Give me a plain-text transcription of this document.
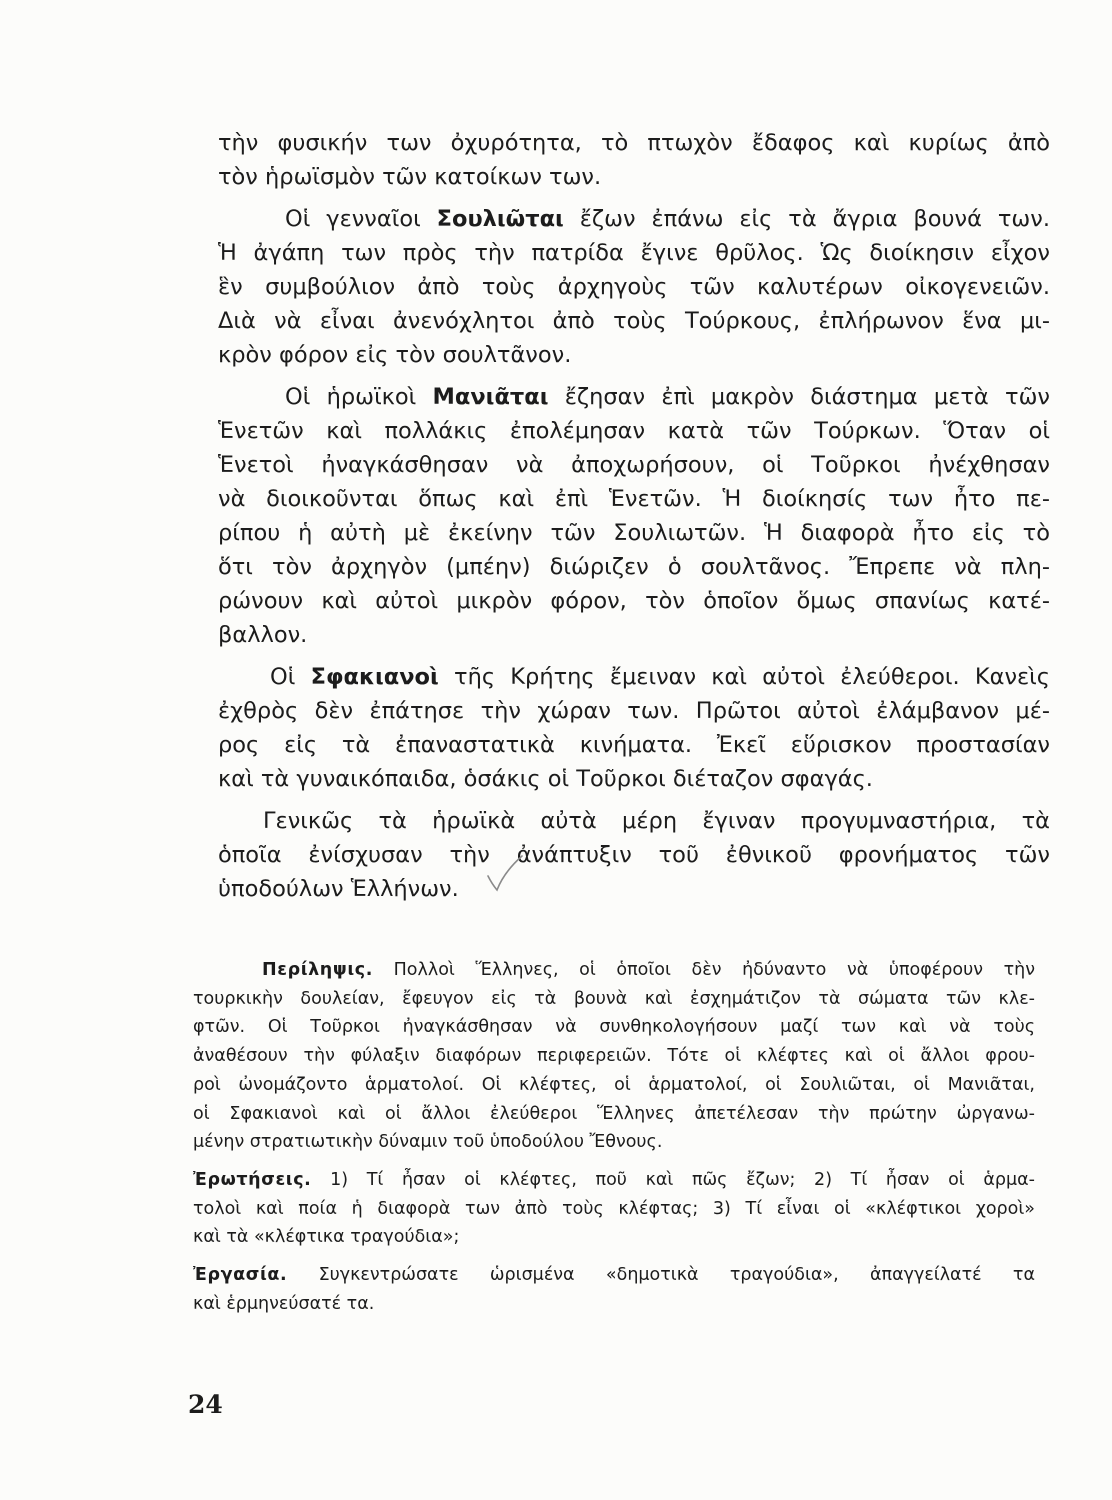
τὴν φυσικήν των ὀχυρότητα, τὸ πτωχὸν ἔδαφος καὶ κυρίως ἀπὸ
τὸν ἡρωϊσμὸν τῶν κατοίκων των.
Οἱ γενναῖοι Σουλιῶται ἔζων ἐπάνω εἰς τὰ ἄγρια βουνά των.
Ἡ ἀγάπη των πρὸς τὴν πατρίδα ἔγινε θρῦλος. Ὡς διοίκησιν εἶχον
ἓν συμβούλιον ἀπὸ τοὺς ἀρχηγοὺς τῶν καλυτέρων οἰκογενειῶν.
Διὰ νὰ εἶναι ἀνενόχλητοι ἀπὸ τοὺς Τούρκους, ἐπλήρωνον ἕνα μι-
κρὸν φόρον εἰς τὸν σουλτᾶνον.
Οἱ ἡρωϊκοὶ Μανιᾶται ἔζησαν ἐπὶ μακρὸν διάστημα μετὰ τῶν
Ἑνετῶν καὶ πολλάκις ἐπολέμησαν κατὰ τῶν Τούρκων. Ὅταν οἱ
Ἑνετοὶ ἠναγκάσθησαν νὰ ἀποχωρήσουν, οἱ Τοῦρκοι ἠνέχθησαν
νὰ διοικοῦνται ὅπως καὶ ἐπὶ Ἑνετῶν. Ἡ διοίκησίς των ἦτο πε-
ρίπου ἡ αὐτὴ μὲ ἐκείνην τῶν Σουλιωτῶν. Ἡ διαφορὰ ἦτο εἰς τὸ
ὅτι τὸν ἀρχηγὸν (μπέην) διώριζεν ὁ σουλτᾶνος. Ἔπρεπε νὰ πλη-
ρώνουν καὶ αὐτοὶ μικρὸν φόρον, τὸν ὁποῖον ὅμως σπανίως κατέ-
βαλλον.
Οἱ Σφακιανοὶ τῆς Κρήτης ἔμειναν καὶ αὐτοὶ ἐλεύθεροι. Κανεὶς
ἐχθρὸς δὲν ἐπάτησε τὴν χώραν των. Πρῶτοι αὐτοὶ ἐλάμβανον μέ-
ρος εἰς τὰ ἐπαναστατικὰ κινήματα. Ἐκεῖ εὕρισκον προστασίαν
καὶ τὰ γυναικόπαιδα, ὁσάκις οἱ Τοῦρκοι διέταζον σφαγάς.
Γενικῶς τὰ ἡρωϊκὰ αὐτὰ μέρη ἔγιναν προγυμναστήρια, τὰ
ὁποῖα ἐνίσχυσαν τὴν ἀνάπτυξιν τοῦ ἐθνικοῦ φρονήματος τῶν
ὑποδούλων Ἑλλήνων.
Περίληψις. Πολλοὶ Ἕλληνες, οἱ ὁποῖοι δὲν ἠδύναντο νὰ ὑποφέρουν τὴν
τουρκικὴν δουλείαν, ἔφευγον εἰς τὰ βουνὰ καὶ ἐσχημάτιζον τὰ σώματα τῶν κλε-
φτῶν. Οἱ Τοῦρκοι ἠναγκάσθησαν νὰ συνθηκολογήσουν μαζί των καὶ νὰ τοὺς
ἀναθέσουν τὴν φύλαξιν διαφόρων περιφερειῶν. Τότε οἱ κλέφτες καὶ οἱ ἄλλοι φρου-
ροὶ ὠνομάζοντο ἁρματολοί. Οἱ κλέφτες, οἱ ἁρματολοί, οἱ Σουλιῶται, οἱ Μανιᾶται,
οἱ Σφακιανοὶ καὶ οἱ ἄλλοι ἐλεύθεροι Ἕλληνες ἀπετέλεσαν τὴν πρώτην ὠργανω-
μένην στρατιωτικὴν δύναμιν τοῦ ὑποδούλου Ἔθνους.
Ἐρωτήσεις. 1) Τί ἦσαν οἱ κλέφτες, ποῦ καὶ πῶς ἔζων; 2) Τί ἦσαν οἱ ἁρμα-
τολοὶ καὶ ποία ἡ διαφορὰ των ἀπὸ τοὺς κλέφτας; 3) Τί εἶναι οἱ «κλέφτικοι χοροὶ»
καὶ τὰ «κλέφτικα τραγούδια»;
Ἐργασία. Συγκεντρώσατε ὡρισμένα «δημοτικὰ τραγούδια», ἀπαγγείλατέ τα
καὶ ἑρμηνεύσατέ τα.
24
